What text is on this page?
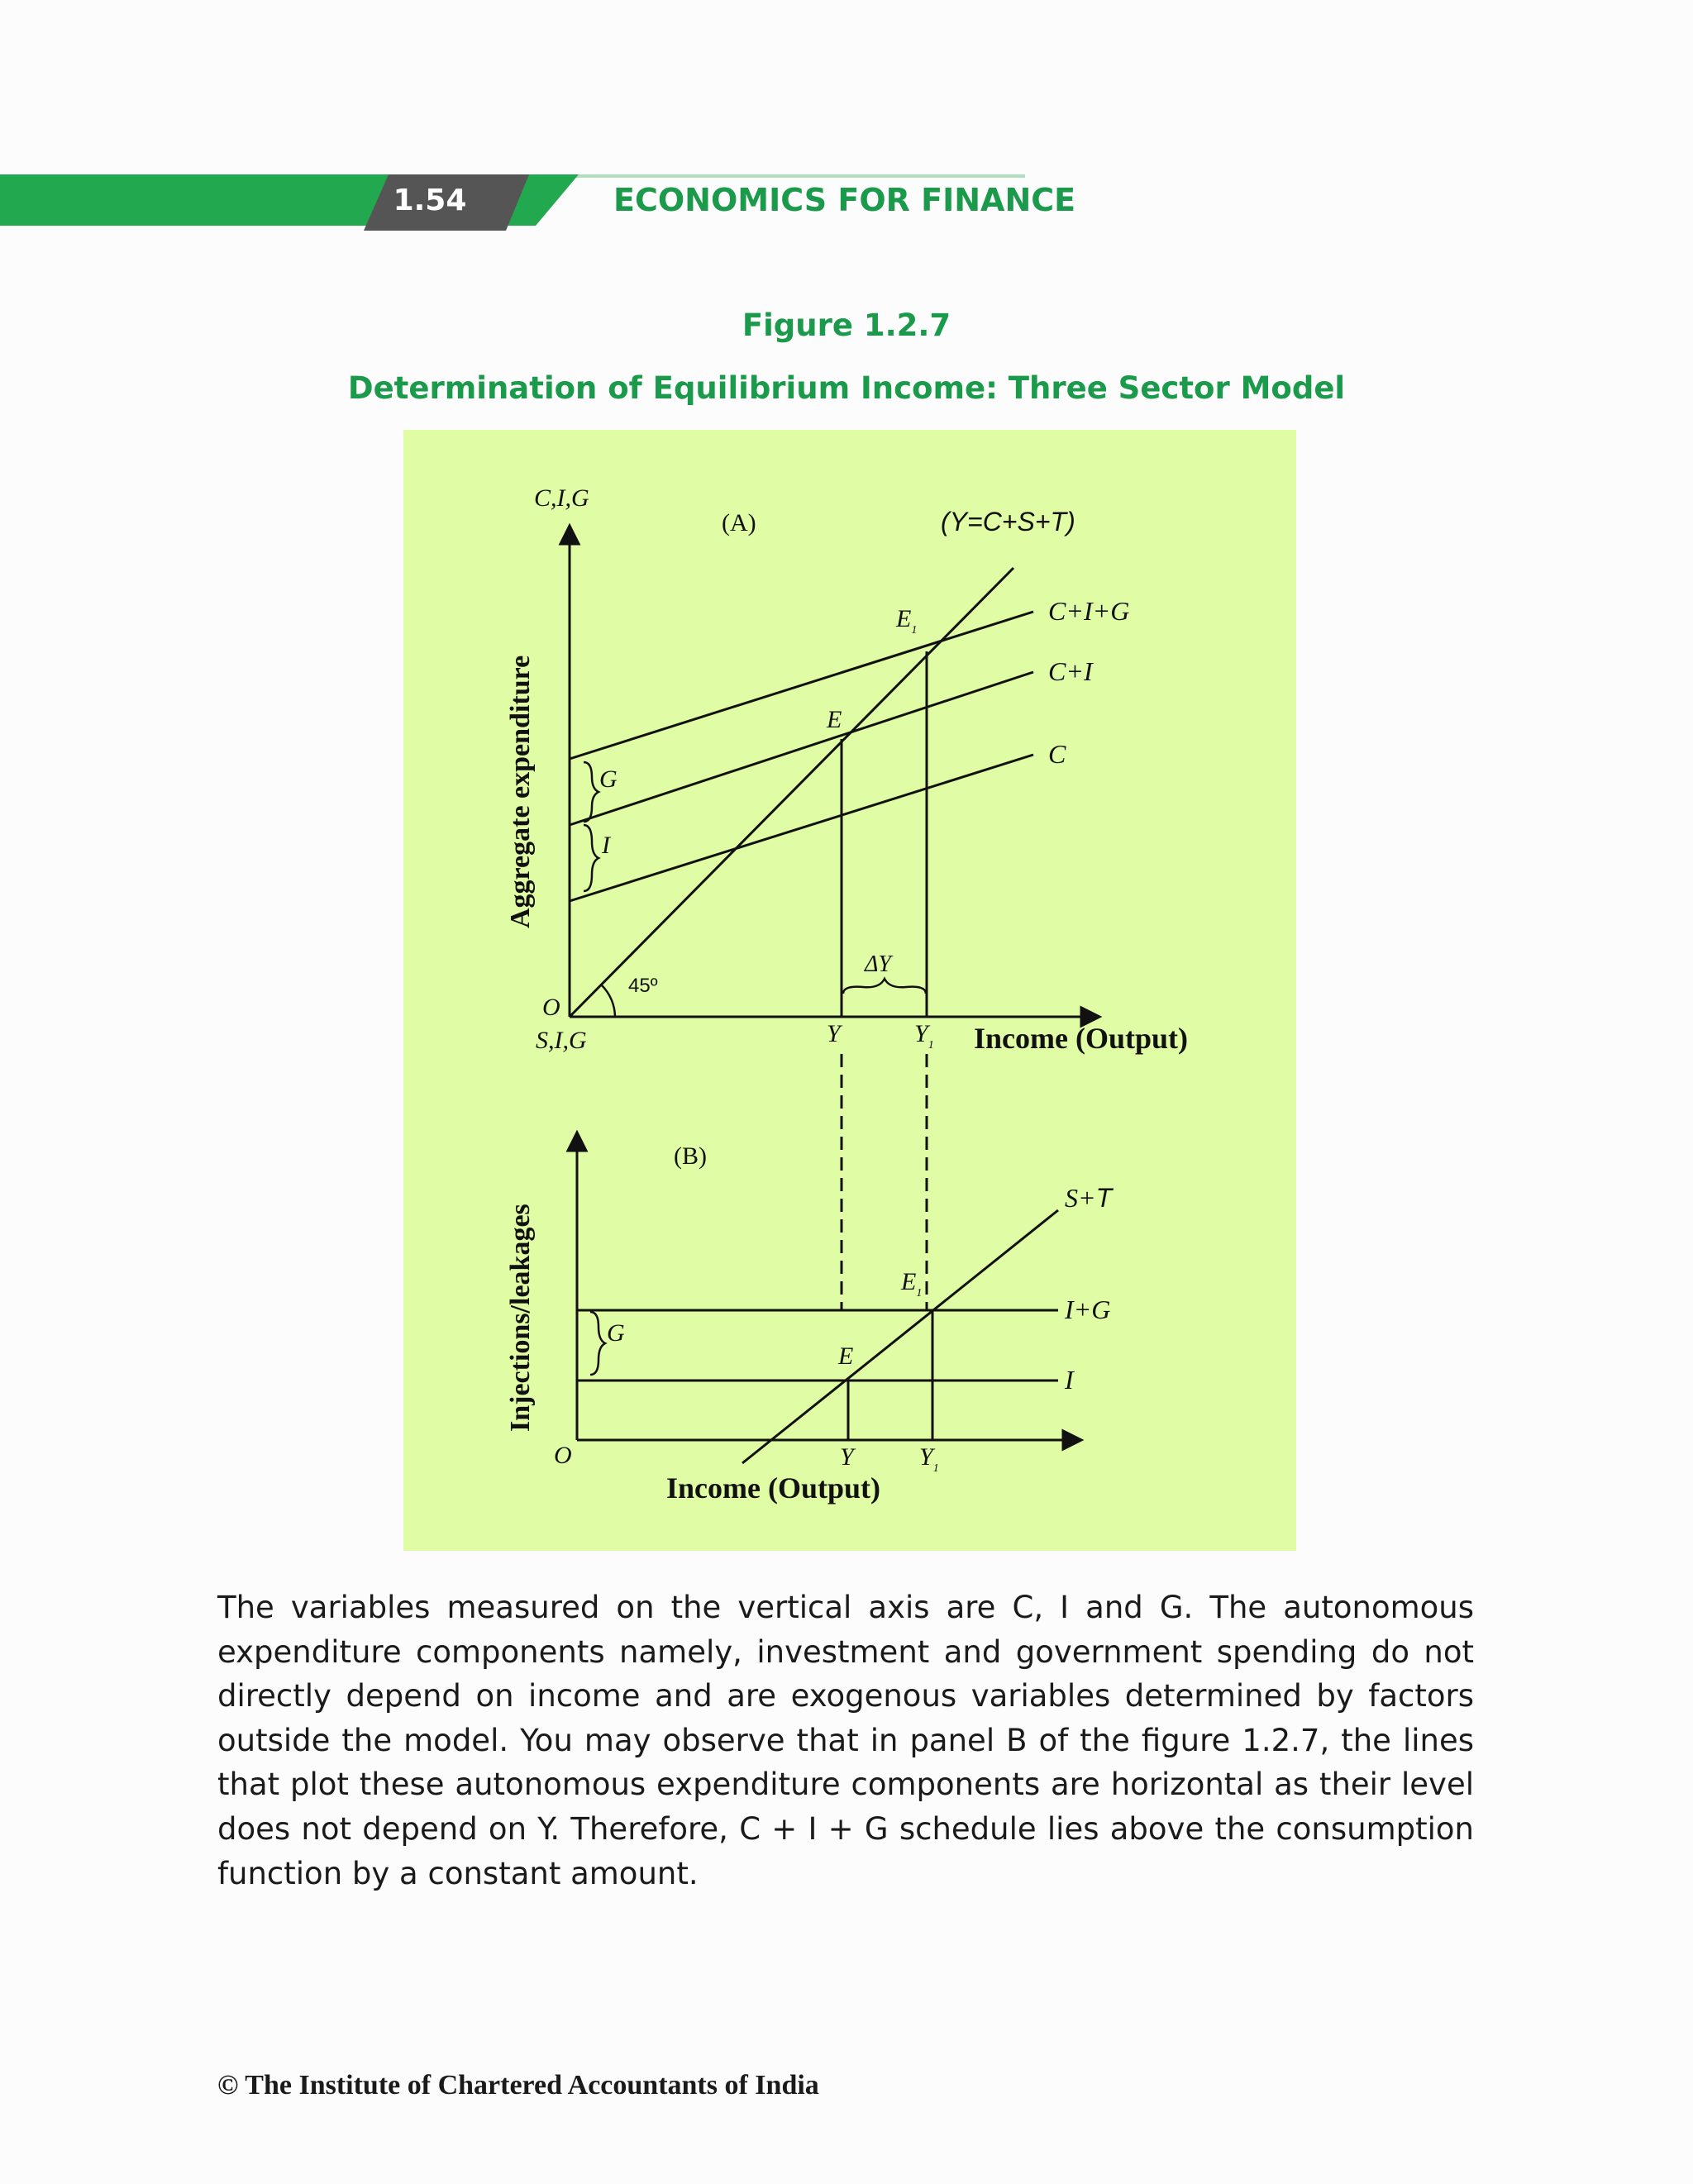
1.54	ECONOMICS FOR FINANCE
Figure 1.2.7
Determination of Equilibrium Income: Three Sector Model
(A)	(Y=C+S+T)
C,I,G
Aggregate expenditure
O
45º
C+I+G
C+I
C
G
I
E
$E_1$
ΔY
Y	$Y_1$ Income (Output)
(B)
S,I,G
Injections/leakages
O
S+T
I+G
I
G
E
$E_1$
Y	$Y_1$
Income (Output)

The variables measured on the vertical axis are C, I and G. The autonomous expenditure components namely, investment and government spending do not directly depend on income and are exogenous variables determined by factors outside the model. You may observe that in panel B of the figure 1.2.7, the lines that plot these autonomous expenditure components are horizontal as their level does not depend on Y. Therefore, C + I + G schedule lies above the consumption function by a constant amount.

© The Institute of Chartered Accountants of India
